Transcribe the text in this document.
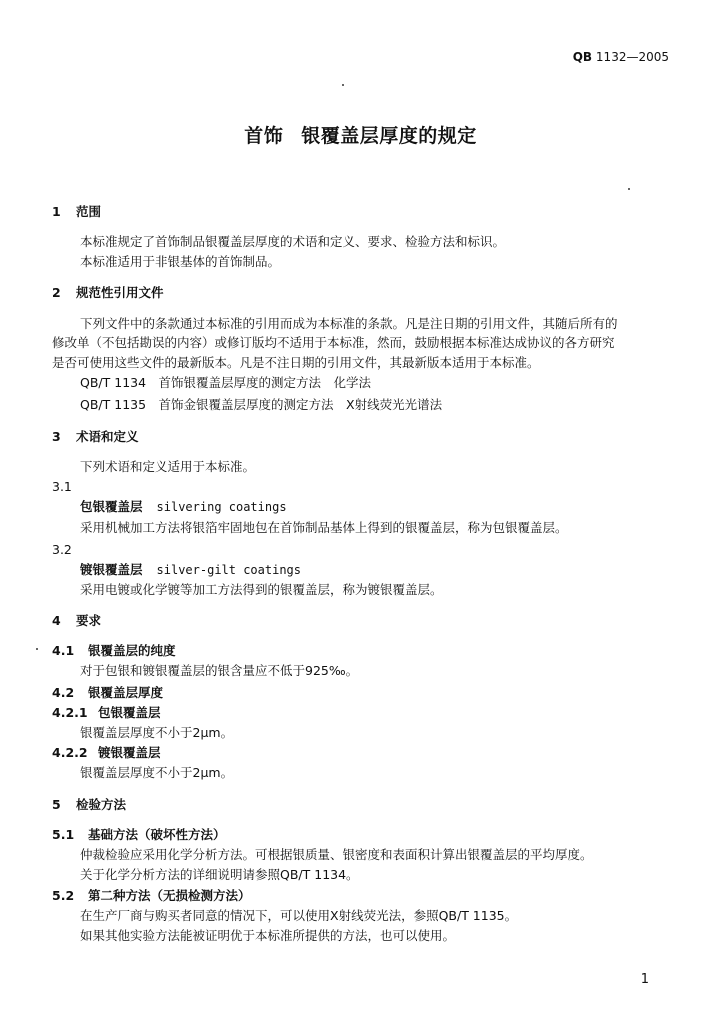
QB 1132—2005
首饰 银覆盖层厚度的规定
1 范围
本标准规定了首饰制品银覆盖层厚度的术语和定义、要求、检验方法和标识。
本标准适用于非银基体的首饰制品。
2 规范性引用文件
下列文件中的条款通过本标准的引用而成为本标准的条款。凡是注日期的引用文件，其随后所有的
修改单（不包括勘误的内容）或修订版均不适用于本标准，然而，鼓励根据本标准达成协议的各方研究
是否可使用这些文件的最新版本。凡是不注日期的引用文件，其最新版本适用于本标准。
QB/T 1134　首饰银覆盖层厚度的测定方法　化学法
QB/T 1135　首饰金银覆盖层厚度的测定方法　X射线荧光光谱法
3 术语和定义
下列术语和定义适用于本标准。
3.1
包银覆盖层 silvering coatings
采用机械加工方法将银箔牢固地包在首饰制品基体上得到的银覆盖层，称为包银覆盖层。
3.2
镀银覆盖层 silver-gilt coatings
采用电镀或化学镀等加工方法得到的银覆盖层，称为镀银覆盖层。
4 要求
4.1 银覆盖层的纯度
对于包银和镀银覆盖层的银含量应不低于925‰。
4.2 银覆盖层厚度
4.2.1 包银覆盖层
银覆盖层厚度不小于2μm。
4.2.2 镀银覆盖层
银覆盖层厚度不小于2μm。
5 检验方法
5.1 基础方法（破坏性方法）
仲裁检验应采用化学分析方法。可根据银质量、银密度和表面积计算出银覆盖层的平均厚度。
关于化学分析方法的详细说明请参照QB/T 1134。
5.2 第二种方法（无损检测方法）
在生产厂商与购买者同意的情况下，可以使用X射线荧光法，参照QB/T 1135。
如果其他实验方法能被证明优于本标准所提供的方法，也可以使用。
1
